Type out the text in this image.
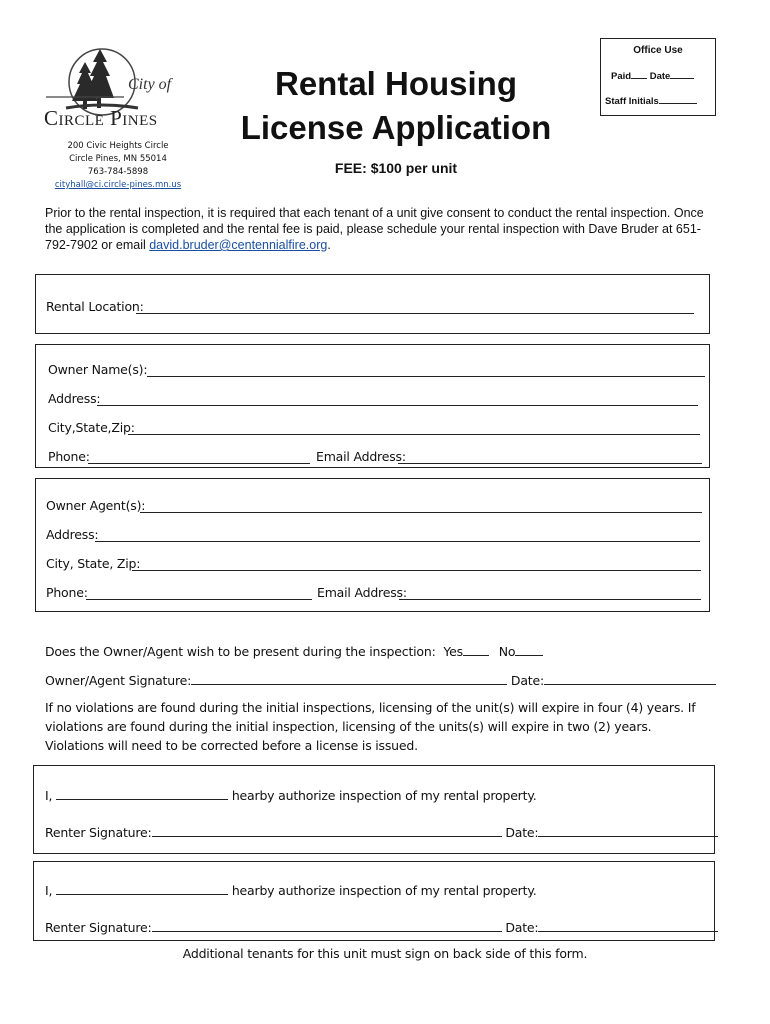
City of
Circle Pines
200 Civic Heights Circle
Circle Pines, MN 55014
763-784-5898
cityhall@ci.circle-pines.mn.us
Rental Housing
License Application
FEE: $100 per unit
Office Use
Paid Date
Staff Initials
Prior to the rental inspection, it is required that each tenant of a unit give consent to conduct the rental inspection. Once the application is completed and the rental fee is paid, please schedule your rental inspection with Dave Bruder at 651-792-7902 or email david.bruder@centennialfire.org.
Rental Location:
Owner Name(s):
Address:
City,State,Zip:
Phone:	Email Address:
Owner Agent(s):
Address:
City, State, Zip:
Phone:	Email Address:
Does the Owner/Agent wish to be present during the inspection: Yes	No
Owner/Agent Signature:	Date:
If no violations are found during the initial inspections, licensing of the unit(s) will expire in four (4) years. If violations are found during the initial inspection, licensing of the units(s) will expire in two (2) years. Violations will need to be corrected before a license is issued.
I,	hearby authorize inspection of my rental property.
Renter Signature:	Date:
I,	hearby authorize inspection of my rental property.
Renter Signature:	Date:
Additional tenants for this unit must sign on back side of this form.
